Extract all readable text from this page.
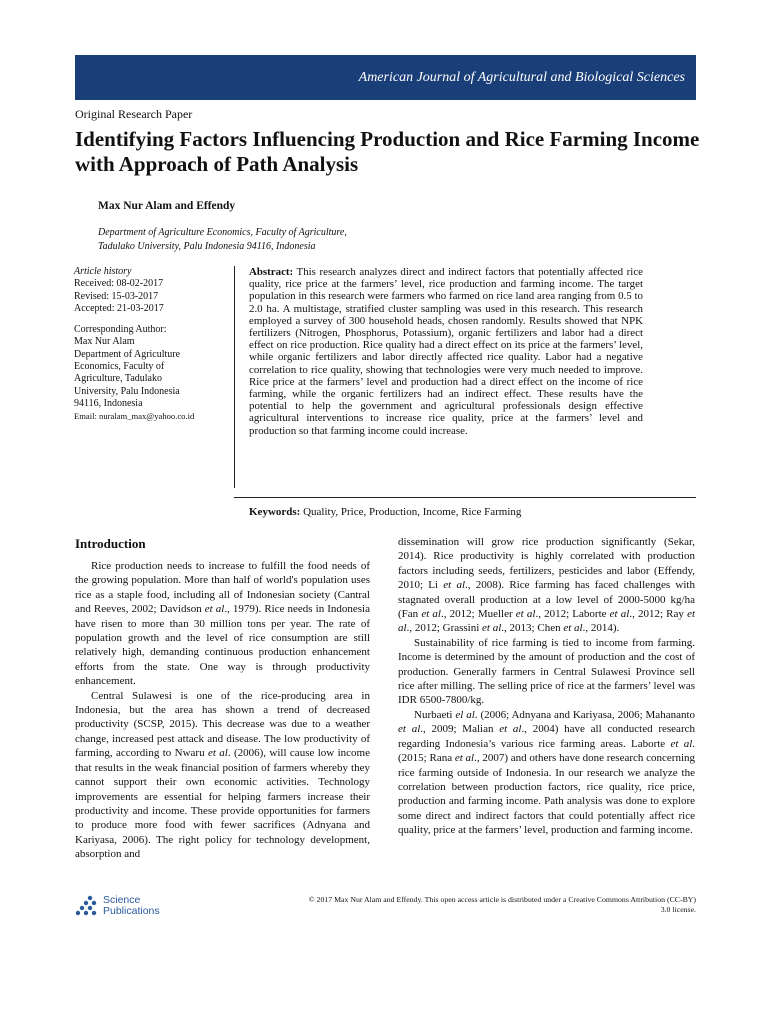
American Journal of Agricultural and Biological Sciences
Original Research Paper
Identifying Factors Influencing Production and Rice Farming Income with Approach of Path Analysis
Max Nur Alam and Effendy
Department of Agriculture Economics, Faculty of Agriculture,
Tadulako University, Palu Indonesia 94116, Indonesia
Article history
Received: 08-02-2017
Revised: 15-03-2017
Accepted: 21-03-2017
Corresponding Author:
Max Nur Alam
Department of Agriculture
Economics, Faculty of
Agriculture, Tadulako
University, Palu Indonesia
94116, Indonesia
Email: nuralam_max@yahoo.co.id

Abstract: This research analyzes direct and indirect factors that potentially affected rice quality, rice price at the farmers’ level, rice production and farming income. The target population in this research were farmers who farmed on rice land area ranging from 0.5 to 2.0 ha. A multistage, stratified cluster sampling was used in this research. This research employed a survey of 300 household heads, chosen randomly. Results showed that NPK fertilizers (Nitrogen, Phosphorus, Potassium), organic fertilizers and labor had a direct effect on rice production. Rice quality had a direct effect on its price at the farmers’ level, while organic fertilizers and labor directly affected rice quality. Labor had a negative correlation to rice quality, showing that technologies were very much needed to improve. Rice price at the farmers’ level and production had a direct effect on the income of rice farming, while the organic fertilizers had an indirect effect. These results have the potential to help the government and agricultural professionals design effective agricultural interventions to increase rice quality, price at the farmers’ level and production so that farming income could increase.

Keywords: Quality, Price, Production, Income, Rice Farming
Introduction

Rice production needs to increase to fulfill the food needs of the growing population. More than half of world's population uses rice as a staple food, including all of Indonesian society (Cantral and Reeves, 2002; Davidson et al., 1979). Rice needs in Indonesia have risen to more than 30 million tons per year. The rate of population growth and the level of rice consumption are still relatively high, demanding continuous production enhancement efforts from the state. One way is through productivity enhancement.

Central Sulawesi is one of the rice-producing area in Indonesia, but the area has shown a trend of decreased productivity (SCSP, 2015). This decrease was due to a weather change, increased pest attack and disease. The low productivity of farming, according to Nwaru et al. (2006), will cause low income that results in the weak financial position of farmers whereby they cannot support their own economic activities. Technology improvements are essential for helping farmers increase their productivity and income. These provide opportunities for farmers to produce more food with fewer sacrifices (Adnyana and Kariyasa, 2006). The right policy for technology development, absorption and

dissemination will grow rice production significantly (Sekar, 2014). Rice productivity is highly correlated with production factors including seeds, fertilizers, pesticides and labor (Effendy, 2010; Li et al., 2008). Rice farming has faced challenges with stagnated overall production at a low level of 2000-5000 kg/ha (Fan et al., 2012; Mueller et al., 2012; Laborte et al., 2012; Ray et al., 2012; Grassini et al., 2013; Chen et al., 2014).

Sustainability of rice farming is tied to income from farming. Income is determined by the amount of production and the cost of production. Generally farmers in Central Sulawesi Province sell rice after milling. The selling price of rice at the farmers’ level was IDR 6500-7800/kg.

Nurbaeti el al. (2006; Adnyana and Kariyasa, 2006; Mahananto et al., 2009; Malian et al., 2004) have all conducted research regarding Indonesia’s various rice farming areas. Laborte et al. (2015; Rana et al., 2007) and others have done research concerning rice farming outside of Indonesia. In our research we analyze the correlation between production factors, rice quality, rice price, production and farming income. Path analysis was done to explore some direct and indirect factors that could potentially affect rice quality, price at the farmers’ level, production and farming income.

Science
Publications
© 2017 Max Nur Alam and Effendy. This open access article is distributed under a Creative Commons Attribution (CC-BY)
3.0 license.
